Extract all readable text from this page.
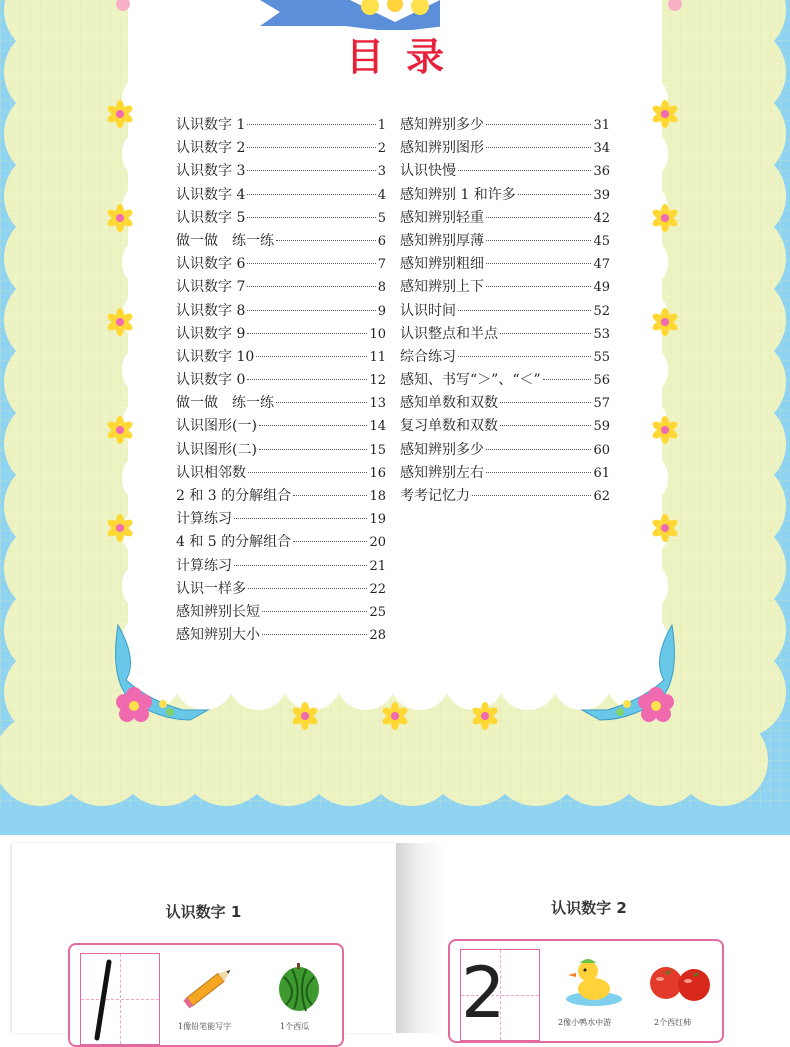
目录
认识数字 1	1
认识数字 2	2
认识数字 3	3
认识数字 4	4
认识数字 5	5
做一做　练一练	6
认识数字 6	7
认识数字 7	8
认识数字 8	9
认识数字 9	10
认识数字 10	11
认识数字 0	12
做一做　练一练	13
认识图形(一)	14
认识图形(二)	15
认识相邻数	16
2 和 3 的分解组合	18
计算练习	19
4 和 5 的分解组合	20
计算练习	21
认识一样多	22
感知辨别长短	25
感知辨别大小	28
感知辨别多少	31
感知辨别图形	34
认识快慢	36
感知辨别 1 和许多	39
感知辨别轻重	42
感知辨别厚薄	45
感知辨别粗细	47
感知辨别上下	49
认识时间	52
认识整点和半点	53
综合练习	55
感知、书写“＞”、“＜”	56
感知单数和双数	57
复习单数和双数	59
感知辨别多少	60
感知辨别左右	61
考考记忆力	62
认识数字 1
1像铅笔能写字	1个西瓜
认识数字 2
2	2像小鸭水中游	2个西红柿
